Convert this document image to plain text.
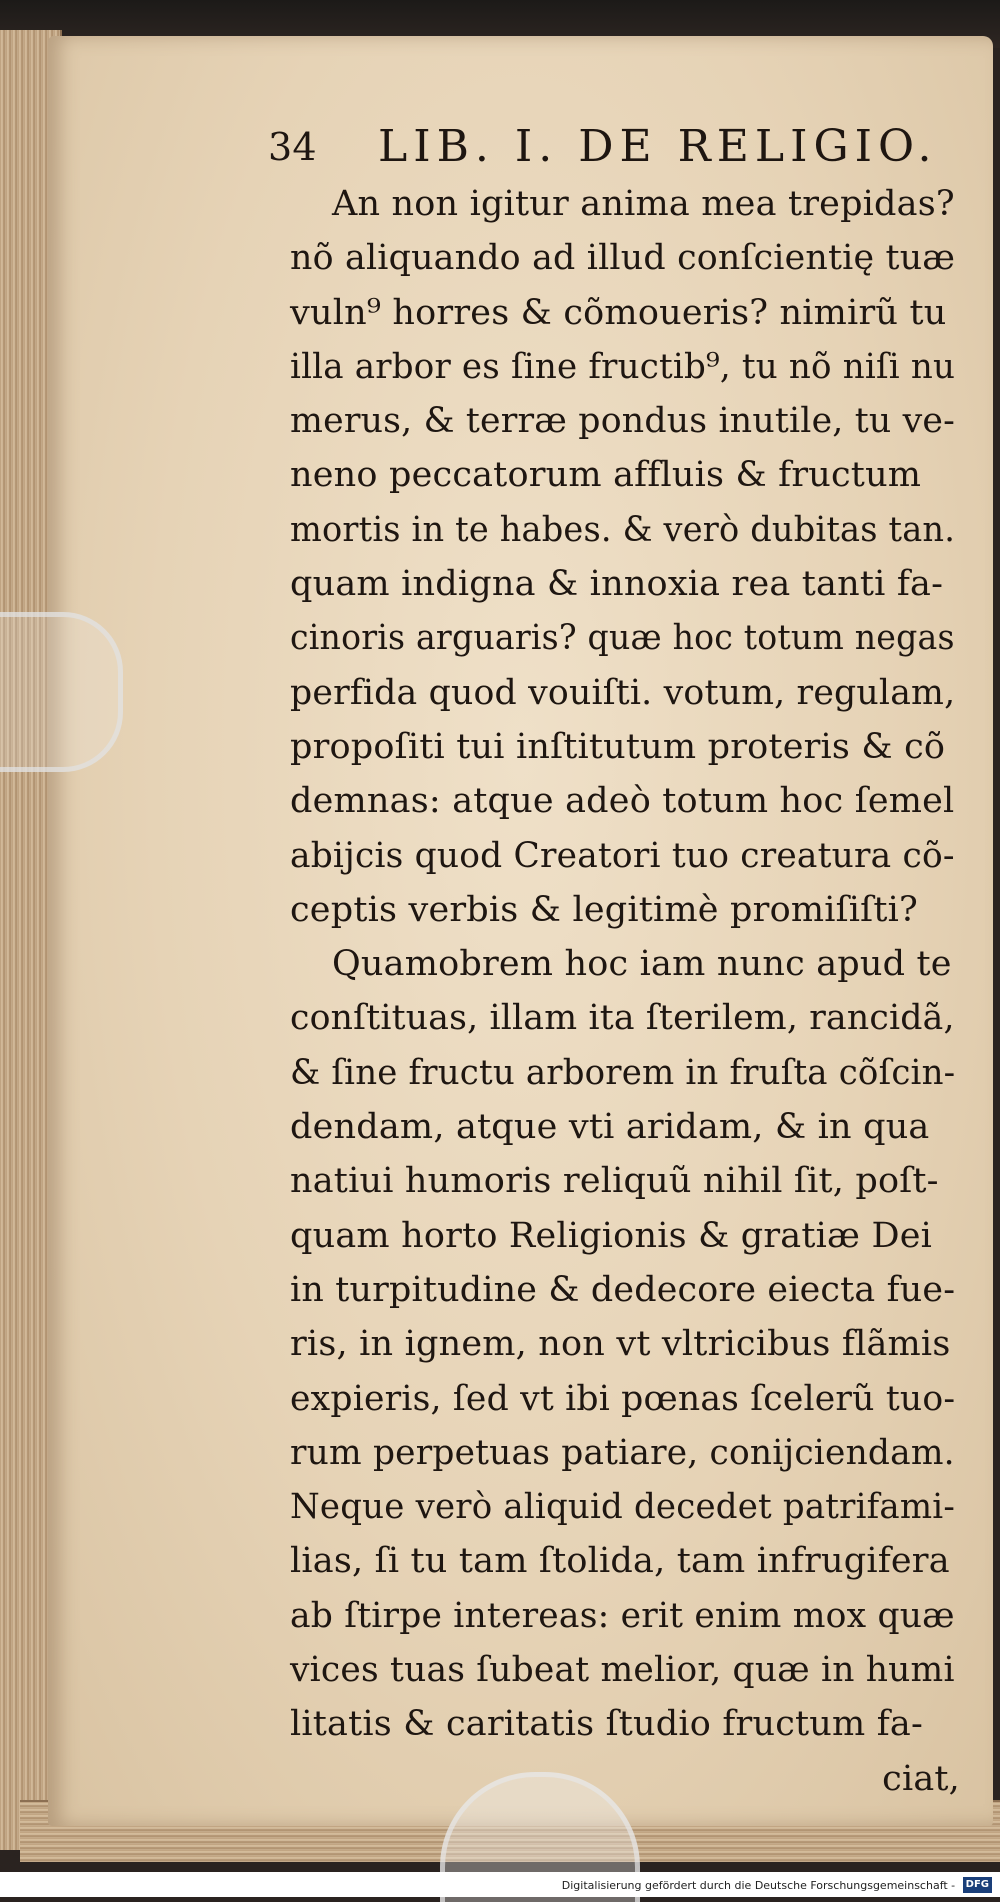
34 LIB. I. DE RELIGIO.
An non igitur anima mea trepidas?
nõ aliquando ad illud conſcientię tuæ
vuln⁹ horres & cõmoueris? nimirũ tu
illa arbor es ſine fructib⁹, tu nõ niſi nu
merus, & terræ pondus inutile, tu ve-
neno peccatorum affluis & fructum
mortis in te habes. & verò dubitas tan.
quam indigna & innoxia rea tanti fa-
cinoris arguaris? quæ hoc totum negas
perfida quod vouiſti. votum, regulam,
propoſiti tui inſtitutum proteris & cõ
demnas: atque adeò totum hoc ſemel
abijcis quod Creatori tuo creatura cõ-
ceptis verbis & legitimè promiſiſti?
Quamobrem hoc iam nunc apud te
conſtituas, illam ita ſterilem, rancidã,
& ſine fructu arborem in fruſta cõſcin-
dendam, atque vti aridam, & in qua
natiui humoris reliquũ nihil ſit, poſt-
quam horto Religionis & gratiæ Dei
in turpitudine & dedecore eiecta fue-
ris, in ignem, non vt vltricibus flãmis
expieris, ſed vt ibi pœnas ſcelerũ tuo-
rum perpetuas patiare, conijciendam.
Neque verò aliquid decedet patrifami-
lias, ſi tu tam ſtolida, tam infrugifera
ab ſtirpe intereas: erit enim mox quæ
vices tuas ſubeat melior, quæ in humi
litatis & caritatis ſtudio fructum fa-
ciat,
Digitalisierung gefördert durch die Deutsche Forschungsgemeinschaft - DFG
